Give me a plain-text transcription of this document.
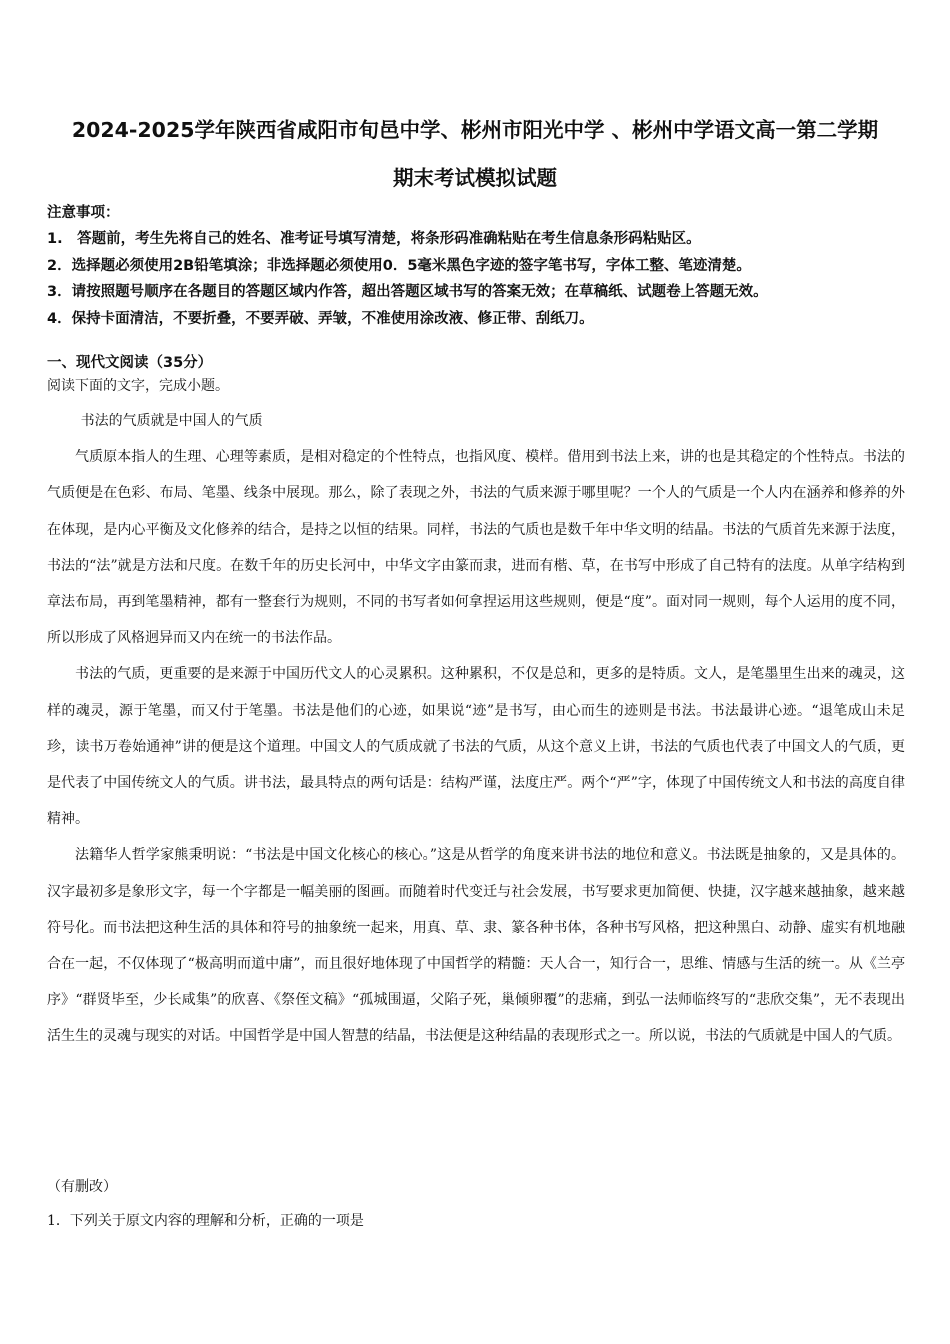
2024-2025学年陕西省咸阳市旬邑中学、彬州市阳光中学 、彬州中学语文高一第二学期
期末考试模拟试题

注意事项：

1.　答题前，考生先将自己的姓名、准考证号填写清楚，将条形码准确粘贴在考生信息条形码粘贴区。

2．选择题必须使用2B铅笔填涂；非选择题必须使用0．5毫米黑色字迹的签字笔书写，字体工整、笔迹清楚。

3．请按照题号顺序在各题目的答题区域内作答，超出答题区域书写的答案无效；在草稿纸、试题卷上答题无效。

4．保持卡面清洁，不要折叠，不要弄破、弄皱，不准使用涂改液、修正带、刮纸刀。

一、现代文阅读（35分）
阅读下面的文字，完成小题。

书法的气质就是中国人的气质

气质原本指人的生理、心理等素质，是相对稳定的个性特点，也指风度、模样。借用到书法上来，讲的也是其稳定的个性特点。书法的气质便是在色彩、布局、笔墨、线条中展现。那么，除了表现之外，书法的气质来源于哪里呢？一个人的气质是一个人内在涵养和修养的外在体现，是内心平衡及文化修养的结合，是持之以恒的结果。同样，书法的气质也是数千年中华文明的结晶。书法的气质首先来源于法度，书法的“法”就是方法和尺度。在数千年的历史长河中，中华文字由篆而隶，进而有楷、草，在书写中形成了自己特有的法度。从单字结构到章法布局，再到笔墨精神，都有一整套行为规则，不同的书写者如何拿捏运用这些规则，便是“度”。面对同一规则，每个人运用的度不同，所以形成了风格迥异而又内在统一的书法作品。

书法的气质，更重要的是来源于中国历代文人的心灵累积。这种累积，不仅是总和，更多的是特质。文人，是笔墨里生出来的魂灵，这样的魂灵，源于笔墨，而又付于笔墨。书法是他们的心迹，如果说“迹”是书写，由心而生的迹则是书法。书法最讲心迹。“退笔成山未足珍，读书万卷始通神”讲的便是这个道理。中国文人的气质成就了书法的气质，从这个意义上讲，书法的气质也代表了中国文人的气质，更是代表了中国传统文人的气质。讲书法，最具特点的两句话是：结构严谨，法度庄严。两个“严”字，体现了中国传统文人和书法的高度自律精神。

法籍华人哲学家熊秉明说：“书法是中国文化核心的核心。”这是从哲学的角度来讲书法的地位和意义。书法既是抽象的，又是具体的。汉字最初多是象形文字，每一个字都是一幅美丽的图画。而随着时代变迁与社会发展，书写要求更加简便、快捷，汉字越来越抽象，越来越符号化。而书法把这种生活的具体和符号的抽象统一起来，用真、草、隶、篆各种书体，各种书写风格，把这种黑白、动静、虚实有机地融合在一起，不仅体现了“极高明而道中庸”，而且很好地体现了中国哲学的精髓：天人合一，知行合一，思维、情感与生活的统一。从《兰亭序》“群贤毕至，少长咸集”的欣喜、《祭侄文稿》“孤城围逼，父陷子死，巢倾卵覆”的悲痛，到弘一法师临终写的“悲欣交集”，无不表现出活生生的灵魂与现实的对话。中国哲学是中国人智慧的结晶，书法便是这种结晶的表现形式之一。所以说，书法的气质就是中国人的气质。

（有删改）
1．下列关于原文内容的理解和分析，正确的一项是
